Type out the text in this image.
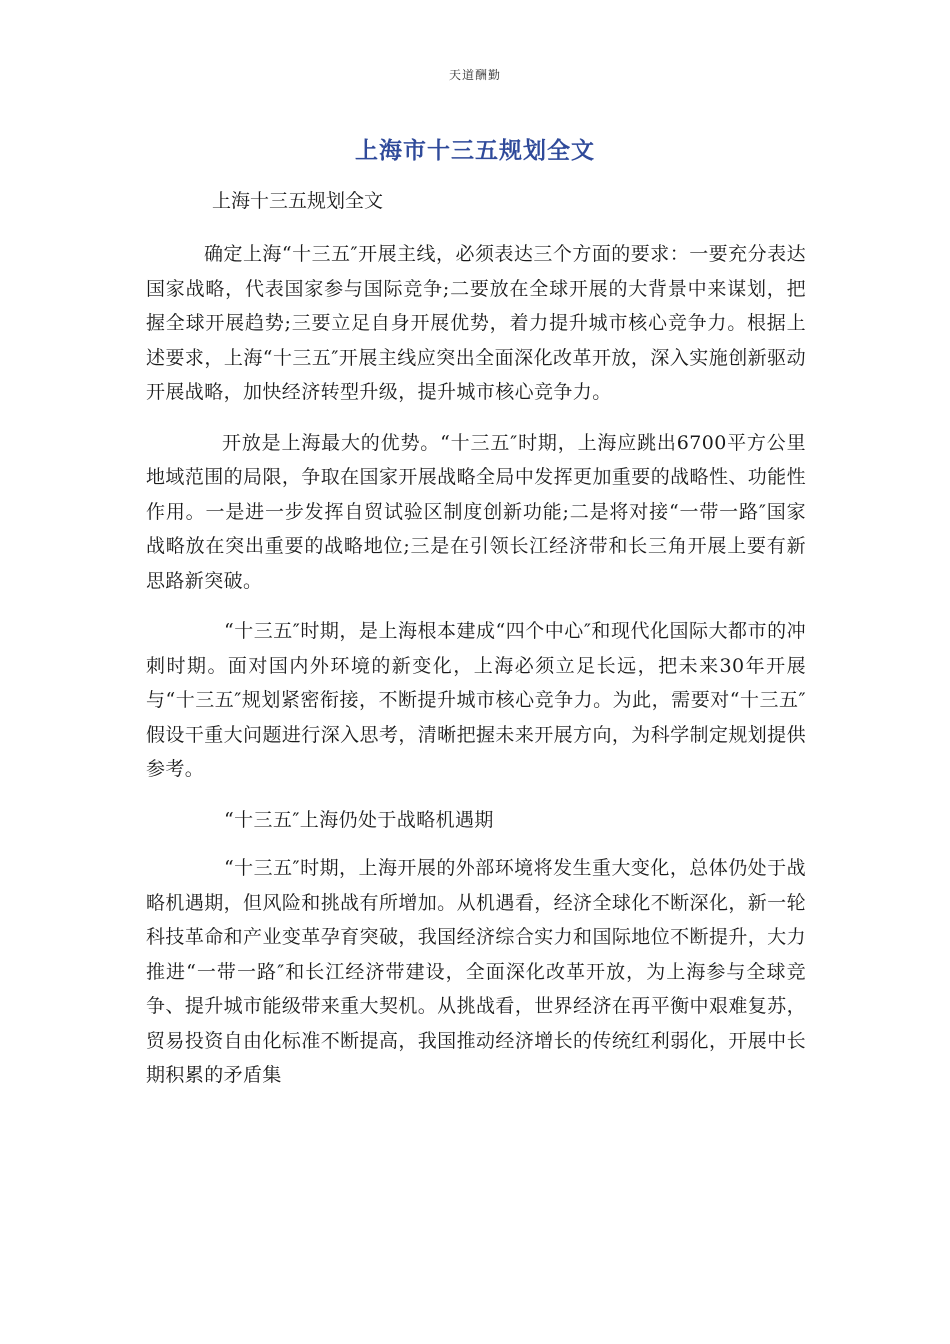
天道酬勤
上海市十三五规划全文
上海十三五规划全文

确定上海“十三五″开展主线，必须表达三个方面的要求：一要充分表达国家战略，代表国家参与国际竞争;二要放在全球开展的大背景中来谋划，把握全球开展趋势;三要立足自身开展优势，着力提升城市核心竞争力。根据上述要求，上海“十三五″开展主线应突出全面深化改革开放，深入实施创新驱动开展战略，加快经济转型升级，提升城市核心竞争力。

开放是上海最大的优势。“十三五″时期，上海应跳出6700平方公里地域范围的局限，争取在国家开展战略全局中发挥更加重要的战略性、功能性作用。一是进一步发挥自贸试验区制度创新功能;二是将对接“一带一路″国家战略放在突出重要的战略地位;三是在引领长江经济带和长三角开展上要有新思路新突破。

“十三五″时期，是上海根本建成“四个中心″和现代化国际大都市的冲刺时期。面对国内外环境的新变化，上海必须立足长远，把未来30年开展与“十三五″规划紧密衔接，不断提升城市核心竞争力。为此，需要对“十三五″假设干重大问题进行深入思考，清晰把握未来开展方向，为科学制定规划提供参考。

“十三五″上海仍处于战略机遇期

“十三五″时期，上海开展的外部环境将发生重大变化，总体仍处于战略机遇期，但风险和挑战有所增加。从机遇看，经济全球化不断深化，新一轮科技革命和产业变革孕育突破，我国经济综合实力和国际地位不断提升，大力推进“一带一路″和长江经济带建设，全面深化改革开放，为上海参与全球竞争、提升城市能级带来重大契机。从挑战看，世界经济在再平衡中艰难复苏，贸易投资自由化标准不断提高，我国推动经济增长的传统红利弱化，开展中长期积累的矛盾集
